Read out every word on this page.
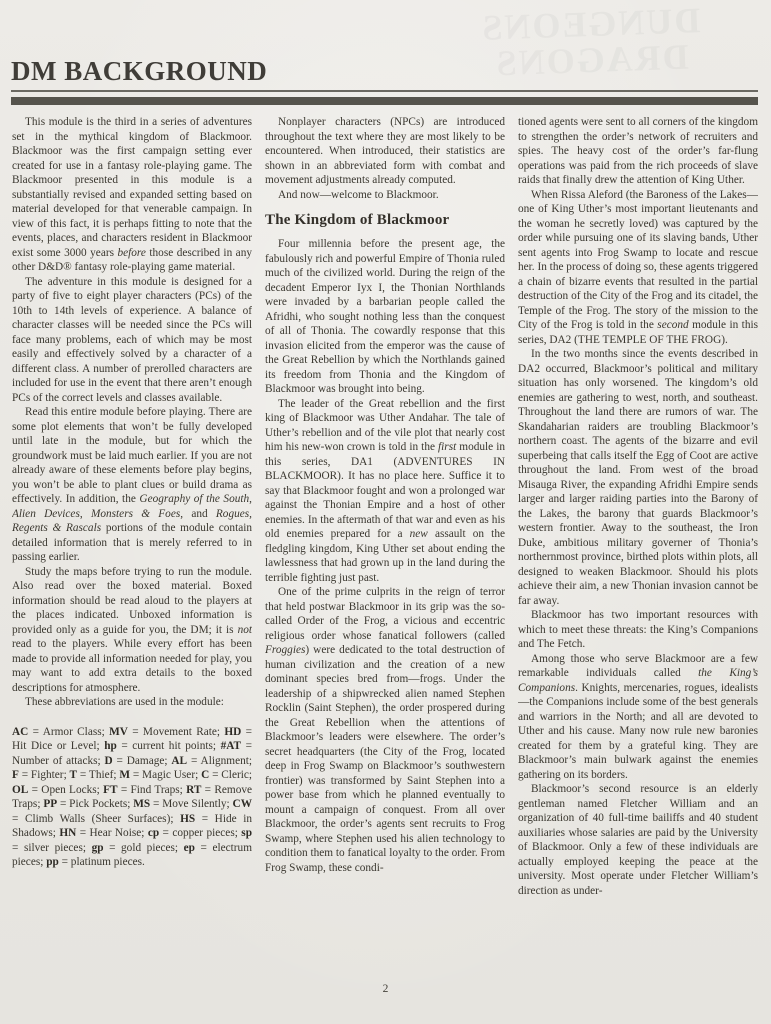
DUNGEONS
DRAGONS
DM BACKGROUND

This module is the third in a series of adventures set in the mythical kingdom of Blackmoor. Blackmoor was the first campaign setting ever created for use in a fantasy role-playing game. The Blackmoor presented in this module is a substantially revised and expanded setting based on material developed for that venerable campaign. In view of this fact, it is perhaps fitting to note that the events, places, and characters resident in Blackmoor exist some 3000 years before those described in any other D&D® fantasy role-playing game material.

The adventure in this module is designed for a party of five to eight player characters (PCs) of the 10th to 14th levels of experience. A balance of character classes will be needed since the PCs will face many problems, each of which may be most easily and effectively solved by a character of a different class. A number of prerolled characters are included for use in the event that there aren’t enough PCs of the correct levels and classes available.

Read this entire module before playing. There are some plot elements that won’t be fully developed until late in the module, but for which the groundwork must be laid much earlier. If you are not already aware of these elements before play begins, you won’t be able to plant clues or build drama as effectively. In addition, the Geography of the South, Alien Devices, Monsters & Foes, and Rogues, Regents & Rascals portions of the module contain detailed information that is merely referred to in passing earlier.

Study the maps before trying to run the module. Also read over the boxed material. Boxed information should be read aloud to the players at the places indicated. Unboxed information is provided only as a guide for you, the DM; it is not read to the players. While every effort has been made to provide all information needed for play, you may want to add extra details to the boxed descriptions for atmosphere.

These abbreviations are used in the module:

AC = Armor Class; MV = Movement Rate; HD = Hit Dice or Level; hp = current hit points; #AT = Number of attacks; D = Damage; AL = Alignment; F = Fighter; T = Thief; M = Magic User; C = Cleric; OL = Open Locks; FT = Find Traps; RT = Remove Traps; PP = Pick Pockets; MS = Move Silently; CW = Climb Walls (Sheer Surfaces); HS = Hide in Shadows; HN = Hear Noise; cp = copper pieces; sp = silver pieces; gp = gold pieces; ep = electrum pieces; pp = platinum pieces.

Nonplayer characters (NPCs) are introduced throughout the text where they are most likely to be encountered. When introduced, their statistics are shown in an abbreviated form with combat and movement adjustments already computed.

And now—welcome to Blackmoor.

The Kingdom of Blackmoor

Four millennia before the present age, the fabulously rich and powerful Empire of Thonia ruled much of the civilized world. During the reign of the decadent Emperor Iyx I, the Thonian Northlands were invaded by a barbarian people called the Afridhi, who sought nothing less than the conquest of all of Thonia. The cowardly response that this invasion elicited from the emperor was the cause of the Great Rebellion by which the Northlands gained its freedom from Thonia and the Kingdom of Blackmoor was brought into being.

The leader of the Great rebellion and the first king of Blackmoor was Uther Andahar. The tale of Uther’s rebellion and of the vile plot that nearly cost him his new-won crown is told in the first module in this series, DA1 (ADVENTURES IN BLACKMOOR). It has no place here. Suffice it to say that Blackmoor fought and won a prolonged war against the Thonian Empire and a host of other enemies. In the aftermath of that war and even as his old enemies prepared for a new assault on the fledgling kingdom, King Uther set about ending the lawlessness that had grown up in the land during the terrible fighting just past.

One of the prime culprits in the reign of terror that held postwar Blackmoor in its grip was the so-called Order of the Frog, a vicious and eccentric religious order whose fanatical followers (called Froggies) were dedicated to the total destruction of human civilization and the creation of a new dominant species bred from—frogs. Under the leadership of a shipwrecked alien named Stephen Rocklin (Saint Stephen), the order prospered during the Great Rebellion when the attentions of Blackmoor’s leaders were elsewhere. The order’s secret headquarters (the City of the Frog, located deep in Frog Swamp on Blackmoor’s southwestern frontier) was transformed by Saint Stephen into a power base from which he planned eventually to mount a campaign of conquest. From all over Blackmoor, the order’s agents sent recruits to Frog Swamp, where Stephen used his alien technology to condition them to fanatical loyalty to the order. From Frog Swamp, these condi-

tioned agents were sent to all corners of the kingdom to strengthen the order’s network of recruiters and spies. The heavy cost of the order’s far-flung operations was paid from the rich proceeds of slave raids that finally drew the attention of King Uther.

When Rissa Aleford (the Baroness of the Lakes—one of King Uther’s most important lieutenants and the woman he secretly loved) was captured by the order while pursuing one of its slaving bands, Uther sent agents into Frog Swamp to locate and rescue her. In the process of doing so, these agents triggered a chain of bizarre events that resulted in the partial destruction of the City of the Frog and its citadel, the Temple of the Frog. The story of the mission to the City of the Frog is told in the second module in this series, DA2 (THE TEMPLE OF THE FROG).

In the two months since the events described in DA2 occurred, Blackmoor’s political and military situation has only worsened. The kingdom’s old enemies are gathering to west, north, and southeast. Throughout the land there are rumors of war. The Skandaharian raiders are troubling Blackmoor’s northern coast. The agents of the bizarre and evil superbeing that calls itself the Egg of Coot are active throughout the land. From west of the broad Misauga River, the expanding Afridhi Empire sends larger and larger raiding parties into the Barony of the Lakes, the barony that guards Blackmoor’s western frontier. Away to the southeast, the Iron Duke, ambitious military governer of Thonia’s northernmost province, birthed plots within plots, all designed to weaken Blackmoor. Should his plots achieve their aim, a new Thonian invasion cannot be far away.

Blackmoor has two important resources with which to meet these threats: the King’s Companions and The Fetch.

Among those who serve Blackmoor are a few remarkable individuals called the King’s Companions. Knights, mercenaries, rogues, idealists—the Companions include some of the best generals and warriors in the North; and all are devoted to Uther and his cause. Many now rule new baronies created for them by a grateful king. They are Blackmoor’s main bulwark against the enemies gathering on its borders.

Blackmoor’s second resource is an elderly gentleman named Fletcher William and an organization of 40 full-time bailiffs and 40 student auxiliaries whose salaries are paid by the University of Blackmoor. Only a few of these individuals are actually employed keeping the peace at the university. Most operate under Fletcher William’s direction as under-

2
